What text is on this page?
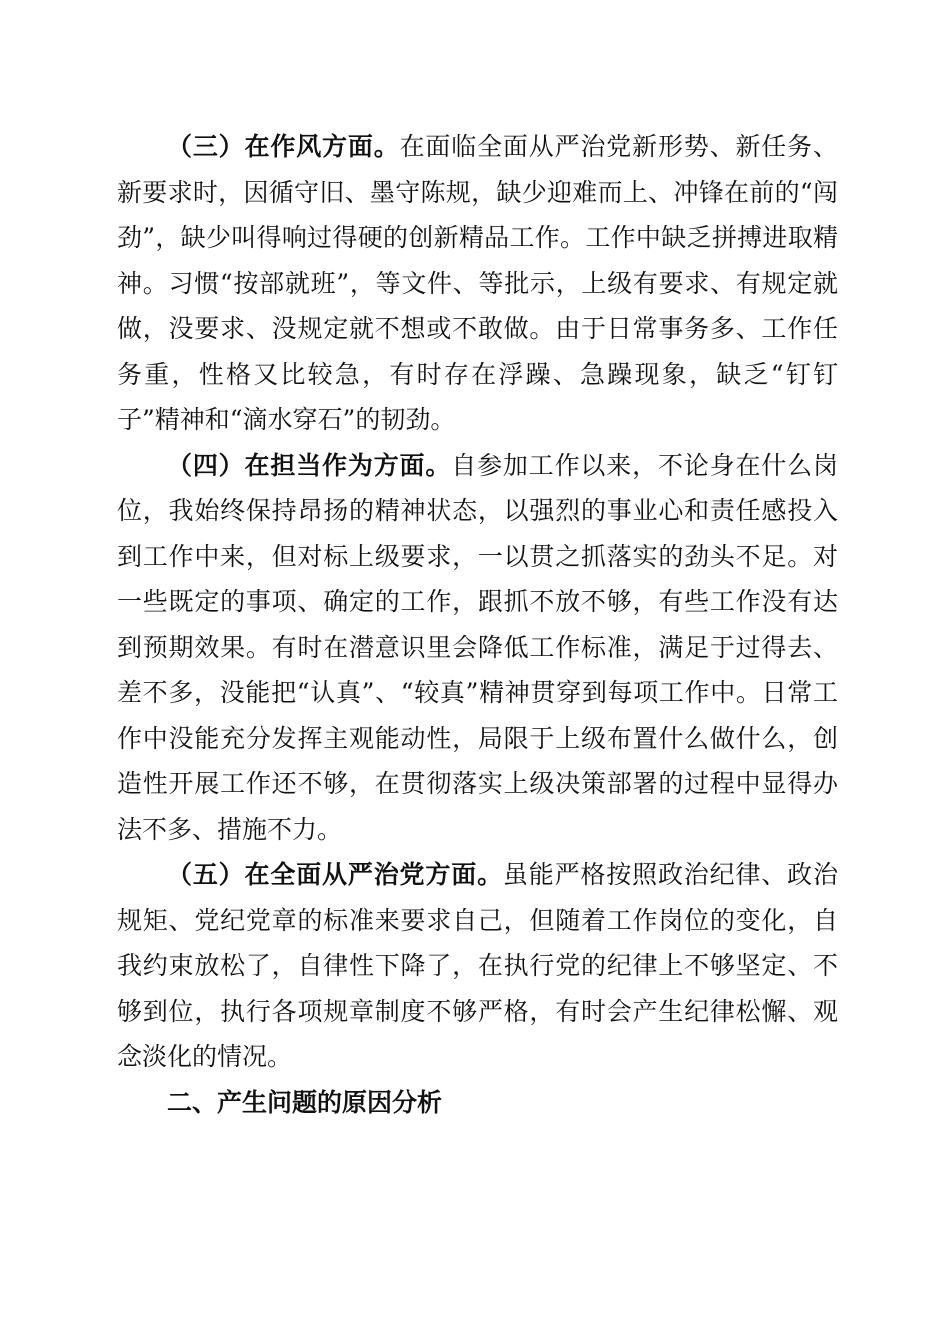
（三）在作风方面。在面临全面从严治党新形势、新任务、新要求时，因循守旧、墨守陈规，缺少迎难而上、冲锋在前的“闯劲”，缺少叫得响过得硬的创新精品工作。工作中缺乏拼搏进取精神。习惯“按部就班”，等文件、等批示，上级有要求、有规定就做，没要求、没规定就不想或不敢做。由于日常事务多、工作任务重，性格又比较急，有时存在浮躁、急躁现象，缺乏“钉钉子”精神和“滴水穿石”的韧劲。

（四）在担当作为方面。自参加工作以来，不论身在什么岗位，我始终保持昂扬的精神状态，以强烈的事业心和责任感投入到工作中来，但对标上级要求，一以贯之抓落实的劲头不足。对一些既定的事项、确定的工作，跟抓不放不够，有些工作没有达到预期效果。有时在潜意识里会降低工作标准，满足于过得去、差不多，没能把“认真”、“较真”精神贯穿到每项工作中。日常工作中没能充分发挥主观能动性，局限于上级布置什么做什么，创造性开展工作还不够，在贯彻落实上级决策部署的过程中显得办法不多、措施不力。

（五）在全面从严治党方面。虽能严格按照政治纪律、政治规矩、党纪党章的标准来要求自己，但随着工作岗位的变化，自我约束放松了，自律性下降了，在执行党的纪律上不够坚定、不够到位，执行各项规章制度不够严格，有时会产生纪律松懈、观念淡化的情况。

二、产生问题的原因分析
